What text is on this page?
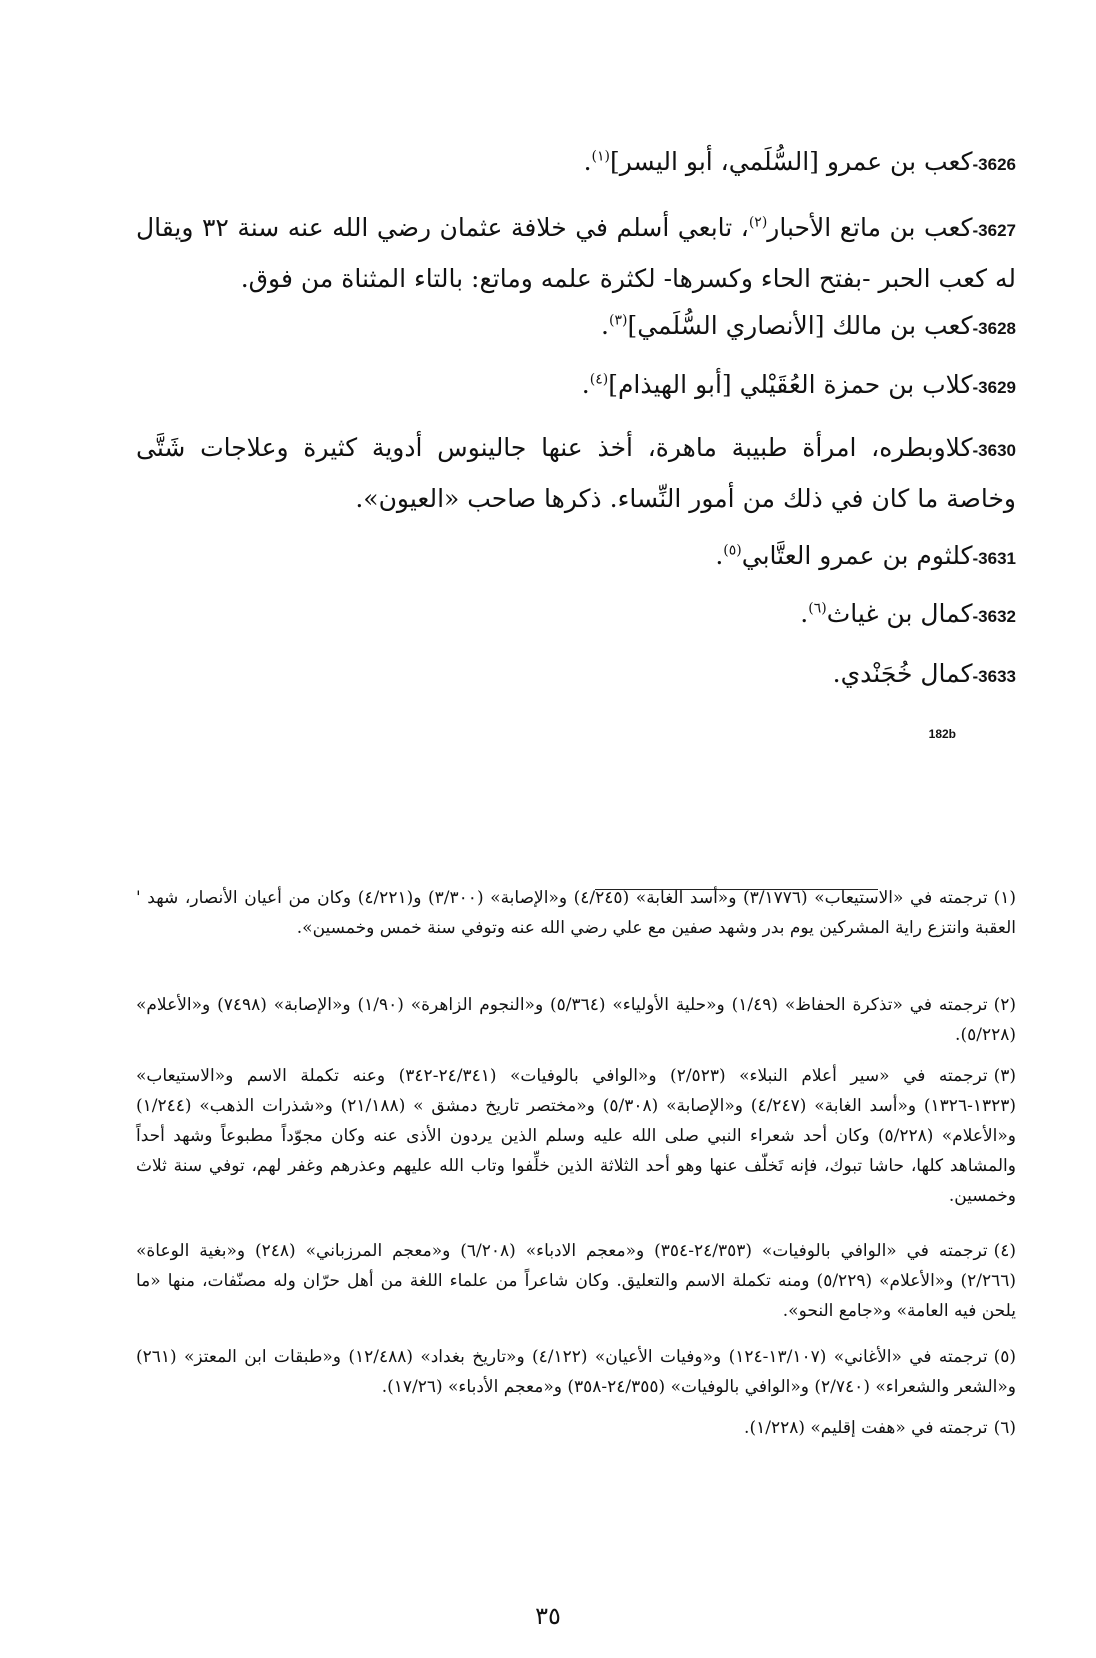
3626-كعب بن عمرو [السُّلَمي، أبو اليسر]$^{(١)}$.
3627-كعب بن ماتع الأحبار$^{(٢)}$، تابعي أسلم في خلافة عثمان رضي الله عنه سنة ٣٢ ويقال له كعب الحبر -بفتح الحاء وكسرها- لكثرة علمه وماتع: بالتاء المثناة من فوق.
3628-كعب بن مالك [الأنصاري السُّلَمي]$^{(٣)}$.
3629-كلاب بن حمزة العُقَيْلي [أبو الهيذام]$^{(٤)}$.
3630-كلاوبطره، امرأة طبيبة ماهرة، أخذ عنها جالينوس أدوية كثيرة وعلاجات شَتَّى وخاصة ما كان في ذلك من أمور النِّساء. ذكرها صاحب «العيون».
3631-كلثوم بن عمرو العتَّابي$^{(٥)}$.
3632-كمال بن غياث$^{(٦)}$.
3633-كمال خُجَنْدي.
182b
(١)ترجمته في «الاستيعاب» (٣/١٧٧٦) و«أسد الغابة» (٤/٢٤٥) و«الإصابة» (٣/٣٠٠) و(٤/٢٢١) وكان من أعيان الأنصار، شهد ' العقبة وانتزع راية المشركين يوم بدر وشهد صفين مع علي رضي الله عنه وتوفي سنة خمس وخمسين».
(٢)ترجمته في «تذكرة الحفاظ» (١/٤٩) و«حلية الأولياء» (٥/٣٦٤) و«النجوم الزاهرة» (١/٩٠) و«الإصابة» (٧٤٩٨) و«الأعلام» (٥/٢٢٨).
(٣)ترجمته في «سير أعلام النبلاء» (٢/٥٢٣) و«الوافي بالوفيات» (٢٤/٣٤١-٣٤٢) وعنه تكملة الاسم و«الاستيعاب» (١٣٢٣-١٣٢٦) و«أسد الغابة» (٤/٢٤٧) و«الإصابة» (٥/٣٠٨) و«مختصر تاريخ دمشق » (٢١/١٨٨) و«شذرات الذهب» (١/٢٤٤) و«الأعلام» (٥/٢٢٨) وكان أحد شعراء النبي صلى الله عليه وسلم الذين يردون الأذى عنه وكان مجوّداً مطبوعاً وشهد أحداً والمشاهد كلها، حاشا تبوك، فإنه تَخلّف عنها وهو أحد الثلاثة الذين خلِّفوا وتاب الله عليهم وعذرهم وغفر لهم، توفي سنة ثلاث وخمسين.
(٤)ترجمته في «الوافي بالوفيات» (٢٤/٣٥٣-٣٥٤) و«معجم الادباء» (٦/٢٠٨) و«معجم المرزباني» (٢٤٨) و«بغية الوعاة» (٢/٢٦٦) و«الأعلام» (٥/٢٢٩) ومنه تكملة الاسم والتعليق. وكان شاعراً من علماء اللغة من أهل حرّان وله مصنّفات، منها «ما يلحن فيه العامة» و«جامع النحو».
(٥)ترجمته في «الأغاني» (١٣/١٠٧-١٢٤) و«وفيات الأعيان» (٤/١٢٢) و«تاريخ بغداد» (١٢/٤٨٨) و«طبقات ابن المعتز» (٢٦١) و«الشعر والشعراء» (٢/٧٤٠) و«الوافي بالوفيات» (٢٤/٣٥٥-٣٥٨) و«معجم الأدباء» (١٧/٢٦).
(٦)ترجمته في «هفت إقليم» (١/٢٢٨).
٣٥
